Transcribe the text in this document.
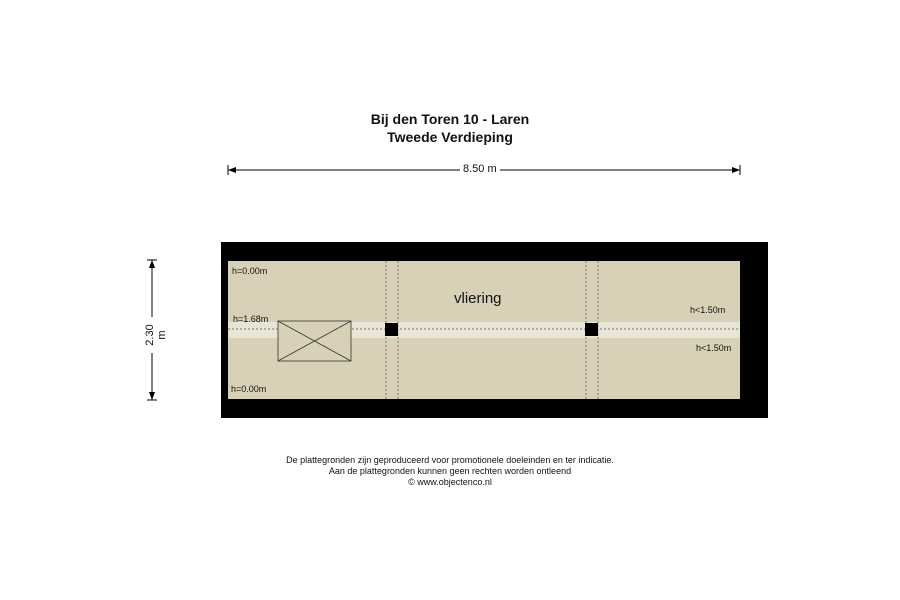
Bij den Toren 10 - Laren
Tweede Verdieping
8.50 m
2.30 m
vliering
h=0.00m
h=1.68m
h=0.00m
h<1.50m
h<1.50m
De plattegronden zijn geproduceerd voor promotionele doeleinden en ter indicatie.
Aan de plattegronden kunnen geen rechten worden ontleend
© www.objectenco.nl
